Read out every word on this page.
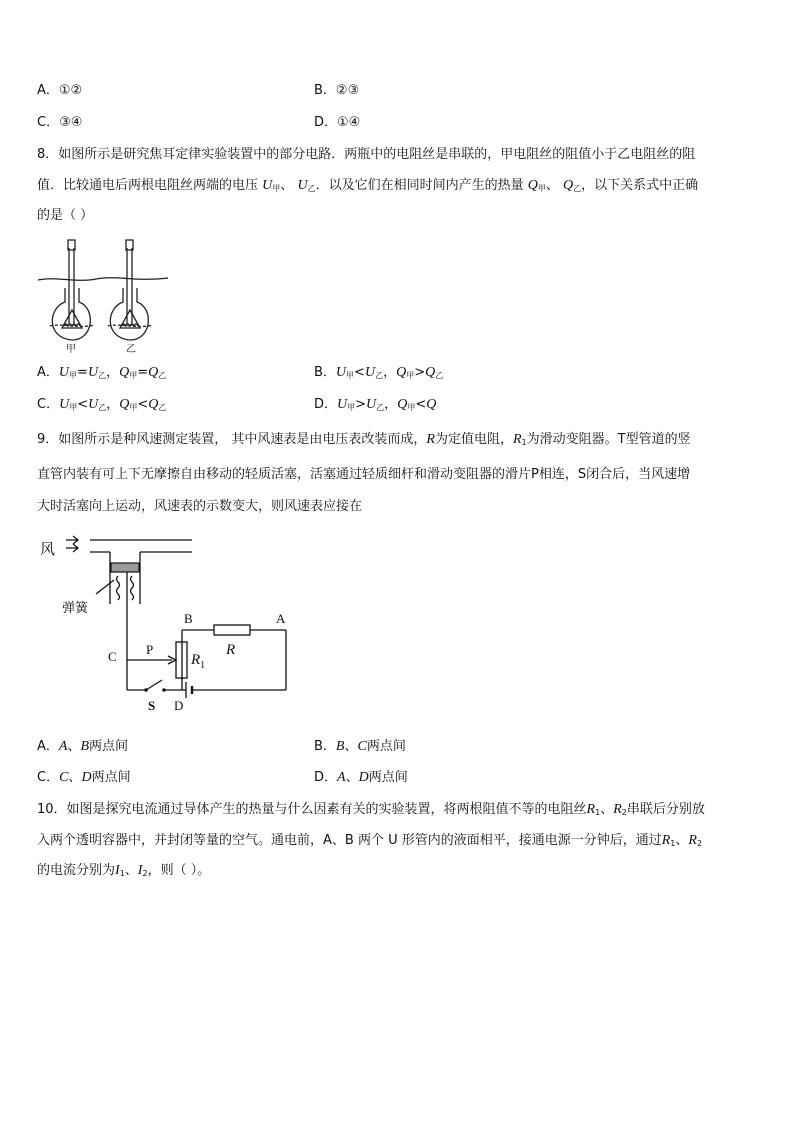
A．①②	B．②③
C．③④	D．①④
8．如图所示是研究焦耳定律实验装置中的部分电路．两瓶中的电阻丝是串联的，甲电阻丝的阻值小于乙电阻丝的阻
值．比较通电后两根电阻丝两端的电压 $U_甲$、 $U_乙$．以及它们在相同时间内产生的热量 $Q_甲$、 $Q_乙$，以下关系式中正确
的是（ ）
甲	乙
A．$U_甲=U_乙$，$Q_甲=Q_乙$	B．$U_甲<U_乙$，$Q_甲>Q_乙$
C．$U_甲<U_乙$，$Q_甲<Q_乙$	D．$U_甲>U_乙$，$Q_甲<Q$
9．如图所示是种风速测定装置， 其中风速表是由电压表改装而成，R为定值电阻，$R_1$为滑动变阻器。T型管道的竖
直管内装有可上下无摩擦自由移动的轻质活塞，活塞通过轻质细杆和滑动变阻器的滑片P相连，S闭合后，当风速增
大时活塞向上运动，风速表的示数变大，则风速表应接在
风
弹簧
B	A
C P
$R_1$
R
S D
A．A、B两点间	B．B、C两点间
C．C、D两点间	D．A、D两点间
10．如图是探究电流通过导体产生的热量与什么因素有关的实验装置，将两根阻值不等的电阻丝$R_1$、$R_2$串联后分别放
入两个透明容器中，并封闭等量的空气。通电前，A、B 两个 U 形管内的液面相平，接通电源一分钟后，通过$R_1$、$R_2$
的电流分别为$I_1$、$I_2$，则（ ）。
